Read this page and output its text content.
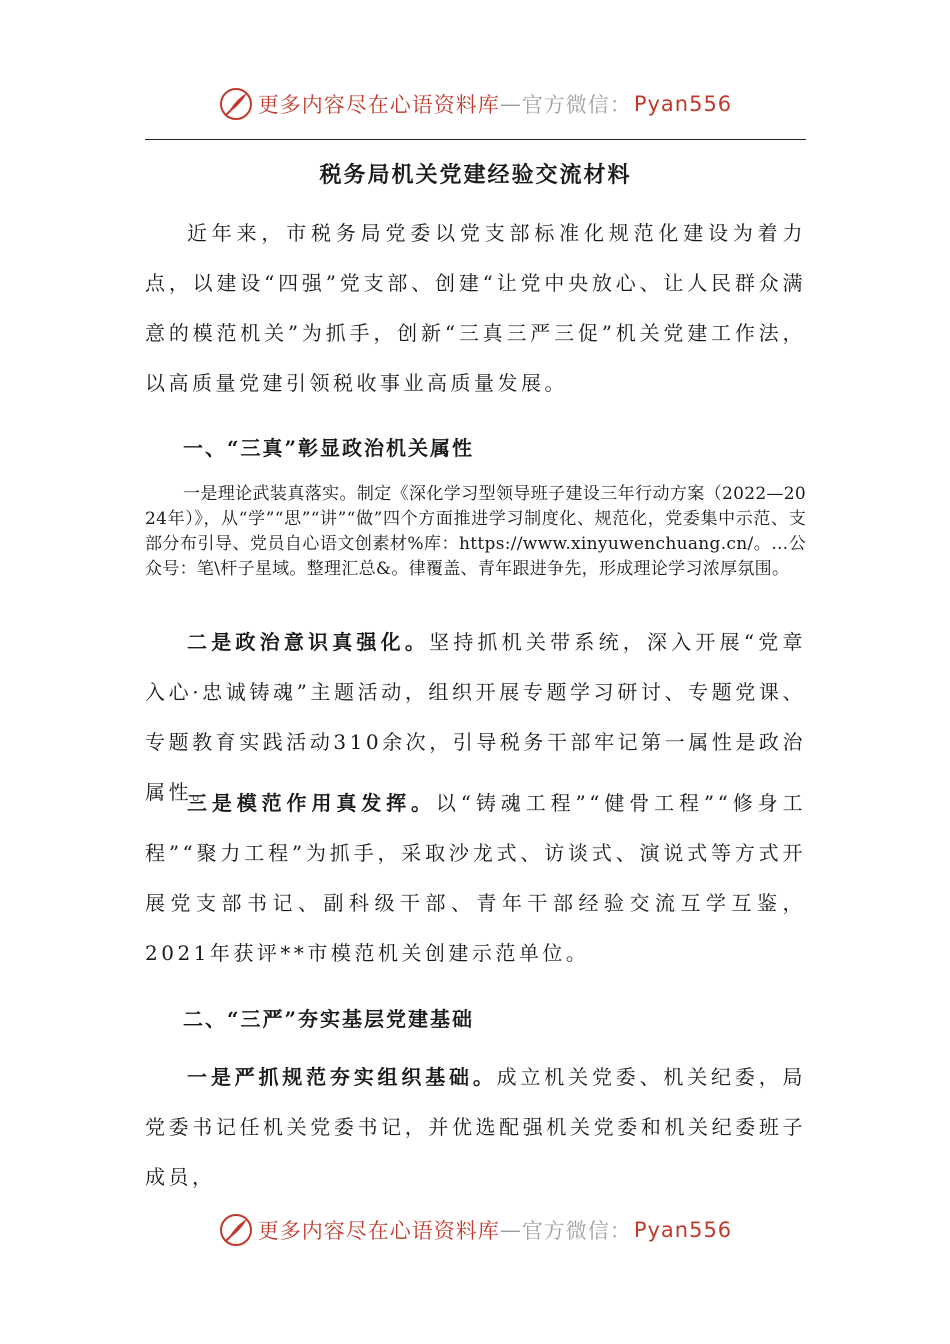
更多内容尽在心语资料库 — 官方微信： Pyan556
税务局机关党建经验交流材料

近年来，市税务局党委以党支部标准化规范化建设为着力点，以建设“四强”党支部、创建“让党中央放心、让人民群众满意的模范机关”为抓手，创新“三真三严三促”机关党建工作法，以高质量党建引领税收事业高质量发展。

一、“三真”彰显政治机关属性

一是理论武装真落实。制定《深化学习型领导班子建设三年行动方案（2022—2024年）》，从“学”“思”“讲”“做”四个方面推进学习制度化、规范化，党委集中示范、支部分布引导、党员自心语文创素材%库：https://www.xinyuwenchuang.cn/。…公众号：笔\杆子星域。整理汇总&。律覆盖、青年跟进争先，形成理论学习浓厚氛围。

二是政治意识真强化。坚持抓机关带系统，深入开展“党章入心·忠诚铸魂”主题活动，组织开展专题学习研讨、专题党课、专题教育实践活动310余次，引导税务干部牢记第一属性是政治属性。

三是模范作用真发挥。以“铸魂工程”“健骨工程”“修身工程”“聚力工程”为抓手，采取沙龙式、访谈式、演说式等方式开展党支部书记、副科级干部、青年干部经验交流互学互鉴，2021年获评**市模范机关创建示范单位。

二、“三严”夯实基层党建基础

一是严抓规范夯实组织基础。成立机关党委、机关纪委，局党委书记任机关党委书记，并优选配强机关党委和机关纪委班子成员，

更多内容尽在心语资料库 — 官方微信： Pyan556
